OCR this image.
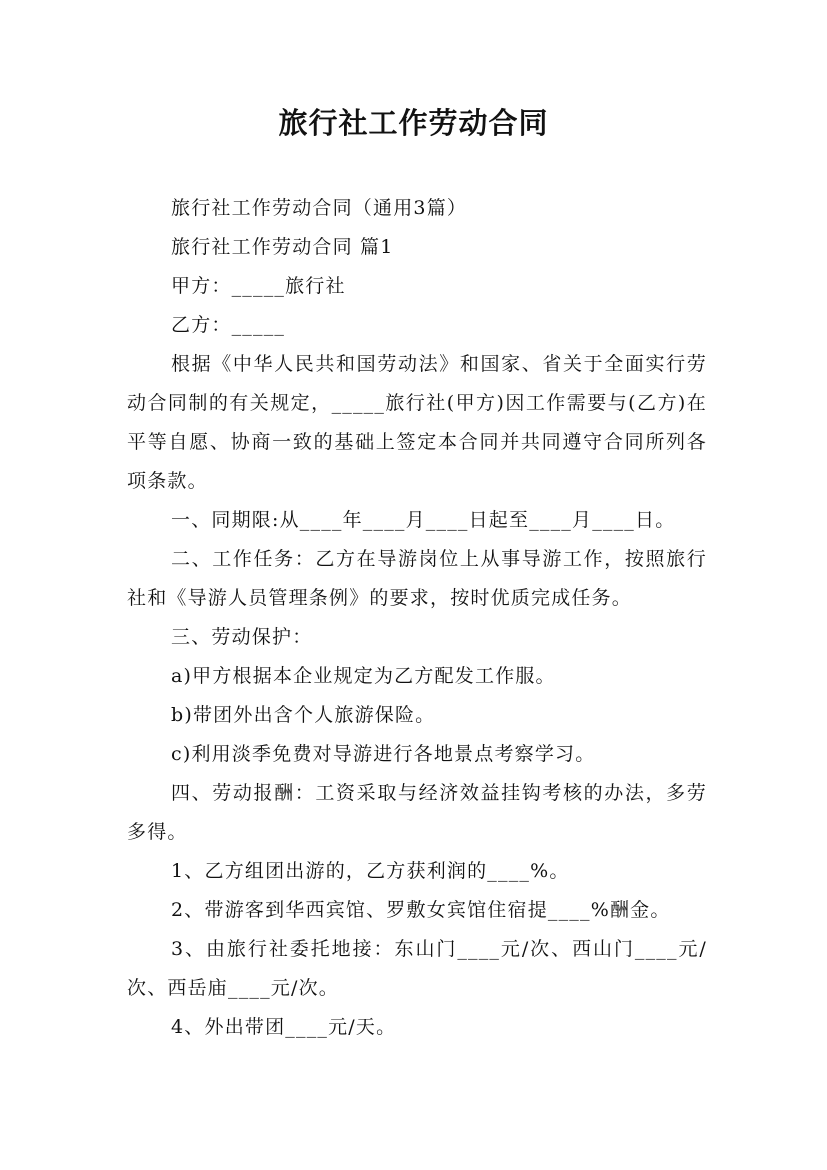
旅行社工作劳动合同

旅行社工作劳动合同（通用3篇）

旅行社工作劳动合同 篇1

甲方：_____旅行社

乙方：_____

根据《中华人民共和国劳动法》和国家、省关于全面实行劳动合同制的有关规定，_____旅行社(甲方)因工作需要与(乙方)在平等自愿、协商一致的基础上签定本合同并共同遵守合同所列各项条款。

一、同期限:从____年____月____日起至____月____日。

二、工作任务：乙方在导游岗位上从事导游工作，按照旅行社和《导游人员管理条例》的要求，按时优质完成任务。

三、劳动保护：

a)甲方根据本企业规定为乙方配发工作服。

b)带团外出含个人旅游保险。

c)利用淡季免费对导游进行各地景点考察学习。

四、劳动报酬：工资采取与经济效益挂钩考核的办法，多劳多得。

1、乙方组团出游的，乙方获利润的____%。

2、带游客到华西宾馆、罗敷女宾馆住宿提____%酬金。

3、由旅行社委托地接：东山门____元/次、西山门____元/次、西岳庙____元/次。

4、外出带团____元/天。
